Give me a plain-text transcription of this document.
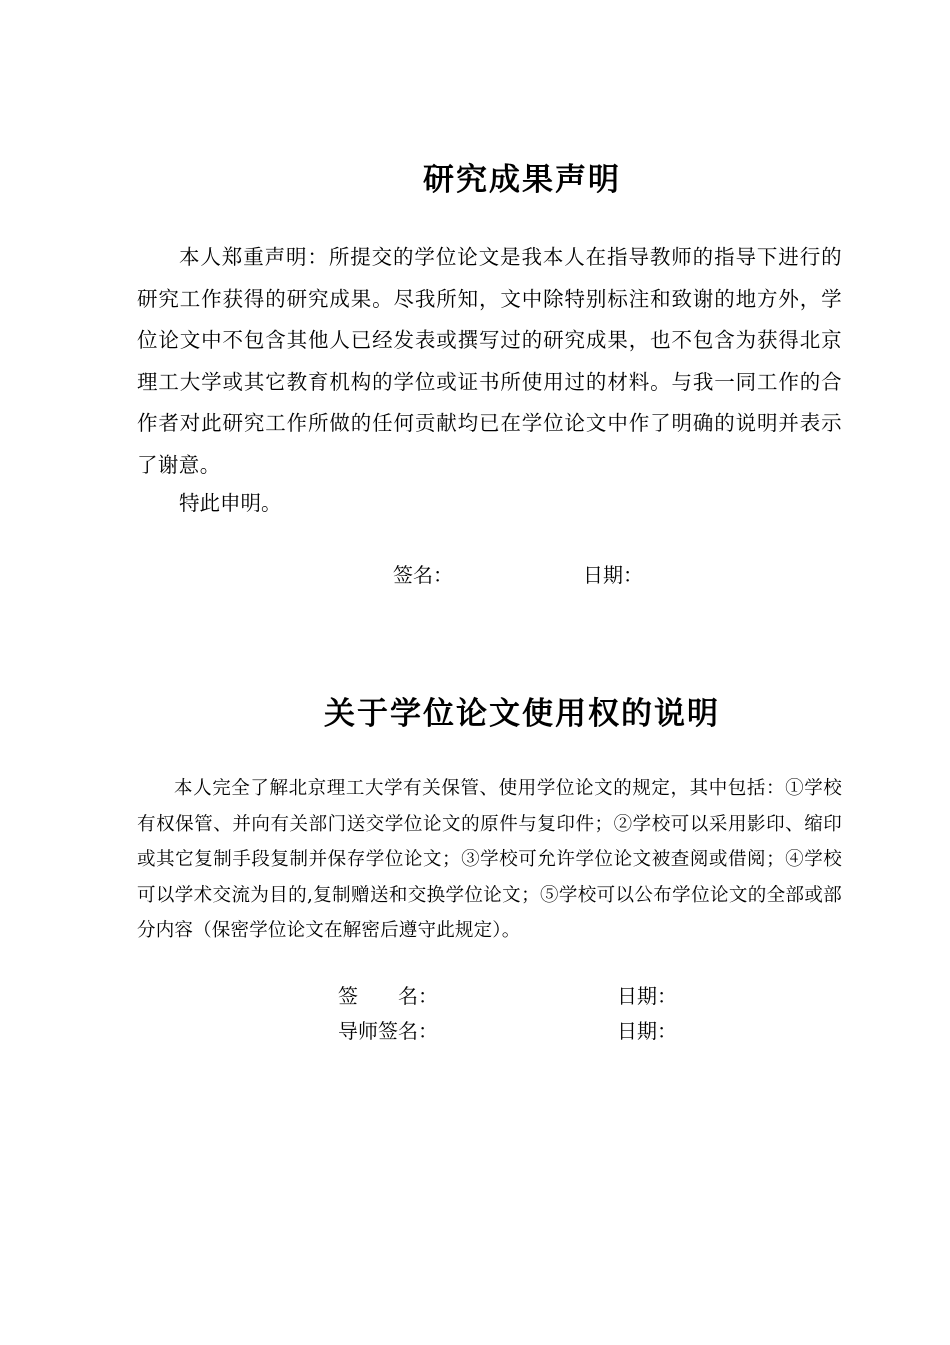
研究成果声明

本人郑重声明：所提交的学位论文是我本人在指导教师的指导下进行的研究工作获得的研究成果。尽我所知，文中除特别标注和致谢的地方外，学位论文中不包含其他人已经发表或撰写过的研究成果，也不包含为获得北京理工大学或其它教育机构的学位或证书所使用过的材料。与我一同工作的合作者对此研究工作所做的任何贡献均已在学位论文中作了明确的说明并表示了谢意。

特此申明。

签名：	日期：
关于学位论文使用权的说明

本人完全了解北京理工大学有关保管、使用学位论文的规定，其中包括：①学校有权保管、并向有关部门送交学位论文的原件与复印件；②学校可以采用影印、缩印或其它复制手段复制并保存学位论文；③学校可允许学位论文被查阅或借阅；④学校可以学术交流为目的,复制赠送和交换学位论文；⑤学校可以公布学位论文的全部或部分内容（保密学位论文在解密后遵守此规定）。

签　　名：	日期：
导师签名：	日期：
